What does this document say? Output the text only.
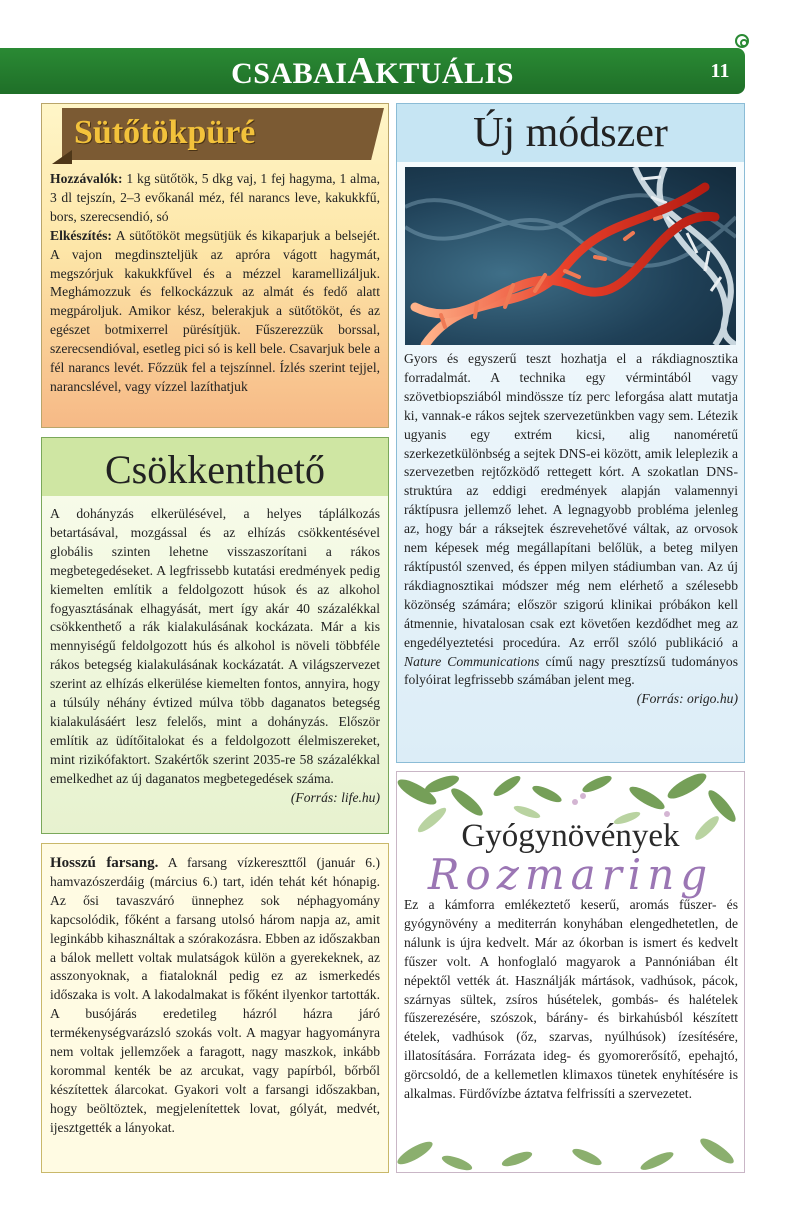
CSABAIAKTUÁLIS	11
Sütőtökpüré
Hozzávalók: 1 kg sütőtök, 5 dkg vaj, 1 fej hagyma, 1 alma, 3 dl tejszín, 2–3 evőkanál méz, fél narancs leve, kakukkfű, bors, szerecsendió, só
Elkészítés: A sütőtököt megsütjük és kikaparjuk a belsejét. A vajon megdinszteljük az apróra vágott hagymát, megszórjuk kakukkfűvel és a mézzel karamellizáljuk. Meghámozzuk és felkockázzuk az almát és fedő alatt megpároljuk. Amikor kész, belerakjuk a sütőtököt, és az egészet botmixerrel pürésítjük. Fűszerezzük borssal, szerecsendióval, esetleg pici só is kell bele. Csavarjuk bele a fél narancs levét. Főzzük fel a tejszínnel. Ízlés szerint tejjel, narancslével, vagy vízzel lazíthatjuk
Csökkenthető
A dohányzás elkerülésével, a helyes táplálkozás betartásával, mozgással és az elhízás csökkentésével globális szinten lehetne visszaszorítani a rákos megbetegedéseket. A legfrissebb kutatási eredmények pedig kiemelten említik a feldolgozott húsok és az alkohol fogyasztásának elhagyását, mert így akár 40 százalékkal csökkenthető a rák kialakulásának kockázata. Már a kis mennyiségű feldolgozott hús és alkohol is növeli többféle rákos betegség kialakulásának kockázatát. A világszervezet szerint az elhízás elkerülése kiemelten fontos, annyira, hogy a túlsúly néhány évtized múlva több daganatos betegség kialakulásáért lesz felelős, mint a dohányzás. Először említik az üdítőitalokat és a feldolgozott élelmiszereket, mint rizikófaktort. Szakértők szerint 2035-re 58 százalékkal emelkedhet az új daganatos megbetegedések száma.
(Forrás: life.hu)
Hosszú farsang. A farsang vízkereszttől (január 6.) hamvazószerdáig (március 6.) tart, idén tehát két hónapig. Az ősi tavaszváró ünnephez sok néphagyomány kapcsolódik, főként a farsang utolsó három napja az, amit leginkább kihasználtak a szórakozásra. Ebben az időszakban a bálok mellett voltak mulatságok külön a gyerekeknek, az asszonyoknak, a fiataloknál pedig ez az ismerkedés időszaka is volt. A lakodalmakat is főként ilyenkor tartották. A busójárás eredetileg házról házra járó termékenységvarázsló szokás volt. A magyar hagyományra nem voltak jellemzőek a faragott, nagy maszkok, inkább korommal kenték be az arcukat, vagy papírból, bőrből készítettek álarcokat. Gyakori volt a farsangi időszakban, hogy beöltöztek, megjelenítettek lovat, gólyát, medvét, ijesztgették a lányokat.
Új módszer
Gyors és egyszerű teszt hozhatja el a rákdiagnosztika forradalmát. A technika egy vérmintából vagy szövetbiopsziából mindössze tíz perc leforgása alatt mutatja ki, vannak-e rákos sejtek szervezetünkben vagy sem. Létezik ugyanis egy extrém kicsi, alig nanoméretű szerkezetkülönbség a sejtek DNS-ei között, amik leleplezik a szervezetben rejtőzködő rettegett kórt. A szokatlan DNS-struktúra az eddigi eredmények alapján valamennyi ráktípusra jellemző lehet. A legnagyobb probléma jelenleg az, hogy bár a ráksejtek észrevehetővé váltak, az orvosok nem képesek még megállapítani belőlük, a beteg milyen ráktípustól szenved, és éppen milyen stádiumban van. Az új rákdiagnosztikai módszer még nem elérhető a szélesebb közönség számára; először szigorú klinikai próbákon kell átmennie, hivatalosan csak ezt követően kezdődhet meg az engedélyeztetési procedúra. Az erről szóló publikáció a Nature Communications című nagy presztízsű tudományos folyóirat legfrissebb számában jelent meg.
(Forrás: origo.hu)
Gyógynövények
Rozmaring
Ez a kámforra emlékeztető keserű, aromás fűszer- és gyógynövény a mediterrán konyhában elengedhetetlen, de nálunk is újra kedvelt. Már az ókorban is ismert és kedvelt fűszer volt. A honfoglaló magyarok a Pannóniában élt népektől vették át. Használják mártások, vadhúsok, pácok, szárnyas sültek, zsíros húsételek, gombás- és halételek fűszerezésére, szószok, bárány- és birkahúsból készített ételek, vadhúsok (őz, szarvas, nyúlhúsok) ízesítésére, illatosítására. Forrázata ideg- és gyomorerősítő, epehajtó, görcsoldó, de a kellemetlen klimaxos tünetek enyhítésére is alkalmas. Fürdővízbe áztatva felfrissíti a szervezetet.
